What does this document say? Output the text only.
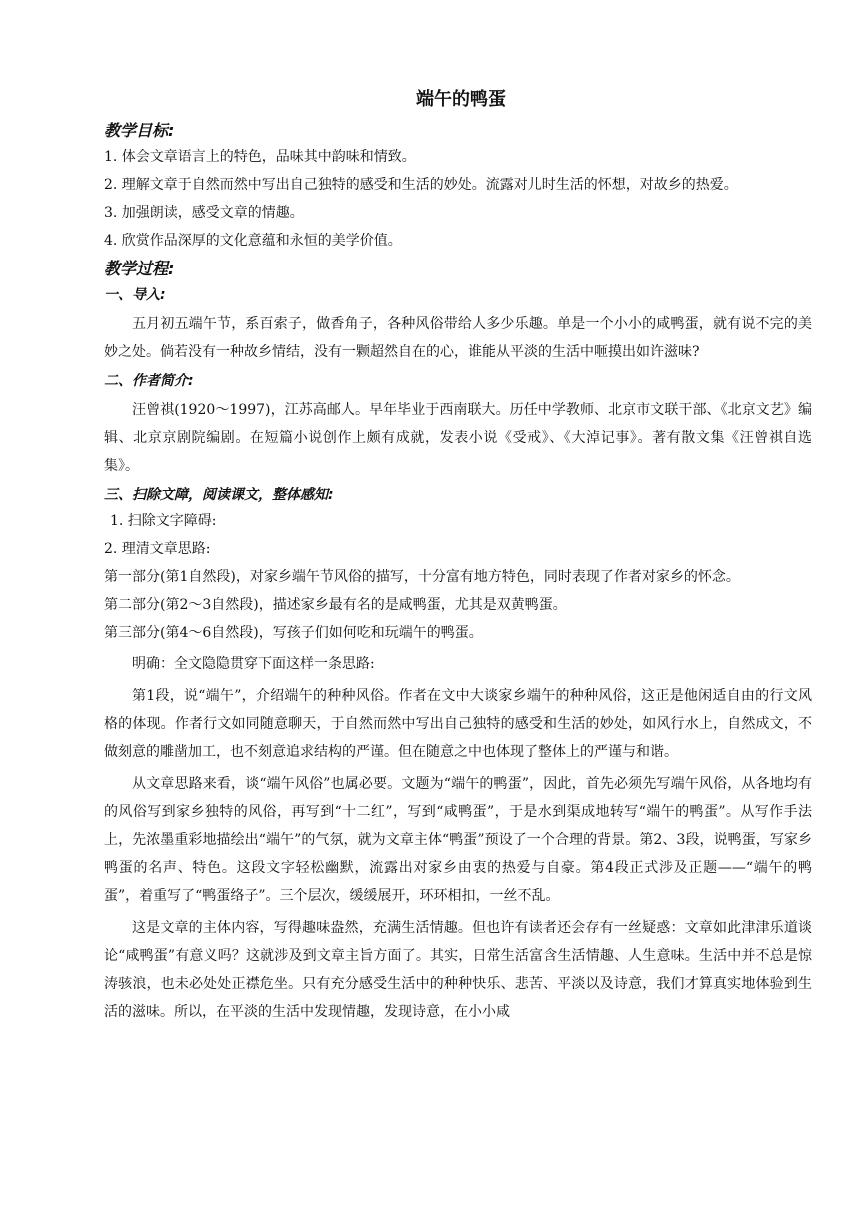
端午的鸭蛋
教学目标:
1. 体会文章语言上的特色，品味其中韵味和情致。
2. 理解文章于自然而然中写出自己独特的感受和生活的妙处。流露对儿时生活的怀想，对故乡的热爱。
3. 加强朗读，感受文章的情趣。
4. 欣赏作品深厚的文化意蕴和永恒的美学价值。
教学过程:
一、导入:
五月初五端午节，系百索子，做香角子，各种风俗带给人多少乐趣。单是一个小小的咸鸭蛋，就有说不完的美妙之处。倘若没有一种故乡情结，没有一颗超然自在的心，谁能从平淡的生活中咂摸出如许滋味?
二、作者简介:
汪曾祺(1920～1997)，江苏高邮人。早年毕业于西南联大。历任中学教师、北京市文联干部、《北京文艺》编辑、北京京剧院编剧。在短篇小说创作上颇有成就，发表小说《受戒》、《大淖记事》。著有散文集《汪曾祺自选集》。
三、扫除文障，阅读课文，整体感知:
1. 扫除文字障碍:
2. 理清文章思路:
第一部分(第1自然段)，对家乡端午节风俗的描写，十分富有地方特色，同时表现了作者对家乡的怀念。
第二部分(第2～3自然段)，描述家乡最有名的是咸鸭蛋，尤其是双黄鸭蛋。
第三部分(第4～6自然段)，写孩子们如何吃和玩端午的鸭蛋。
明确：全文隐隐贯穿下面这样一条思路:
第1段，说“端午”，介绍端午的种种风俗。作者在文中大谈家乡端午的种种风俗，这正是他闲适自由的行文风格的体现。作者行文如同随意聊天，于自然而然中写出自己独特的感受和生活的妙处，如风行水上，自然成文，不做刻意的雕凿加工，也不刻意追求结构的严谨。但在随意之中也体现了整体上的严谨与和谐。
从文章思路来看，谈“端午风俗”也属必要。文题为“端午的鸭蛋”，因此，首先必须先写端午风俗，从各地均有的风俗写到家乡独特的风俗，再写到“十二红”，写到“咸鸭蛋”，于是水到渠成地转写“端午的鸭蛋”。从写作手法上，先浓墨重彩地描绘出“端午”的气氛，就为文章主体“鸭蛋”预设了一个合理的背景。第2、3段，说鸭蛋，写家乡鸭蛋的名声、特色。这段文字轻松幽默，流露出对家乡由衷的热爱与自豪。第4段正式涉及正题——“端午的鸭蛋”，着重写了“鸭蛋络子”。三个层次，缓缓展开，环环相扣，一丝不乱。
这是文章的主体内容，写得趣味盎然，充满生活情趣。但也许有读者还会存有一丝疑惑：文章如此津津乐道谈论“咸鸭蛋”有意义吗？这就涉及到文章主旨方面了。其实，日常生活富含生活情趣、人生意味。生活中并不总是惊涛骇浪，也未必处处正襟危坐。只有充分感受生活中的种种快乐、悲苦、平淡以及诗意，我们才算真实地体验到生活的滋味。所以，在平淡的生活中发现情趣，发现诗意，在小小咸
